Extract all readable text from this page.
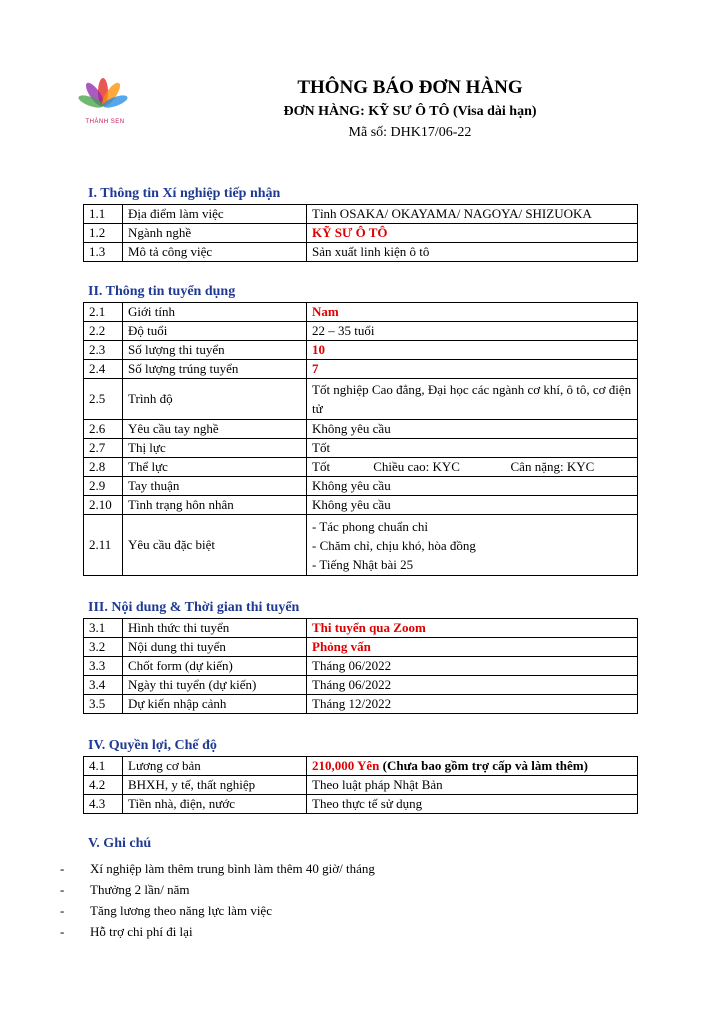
THÀNH SEN
THÔNG BÁO ĐƠN HÀNG
ĐƠN HÀNG: KỸ SƯ Ô TÔ (Visa dài hạn)
Mã số: DHK17/06-22
I. Thông tin Xí nghiệp tiếp nhận
1.1	Địa điểm làm việc	Tỉnh OSAKA/ OKAYAMA/ NAGOYA/ SHIZUOKA
1.2	Ngành nghề	KỸ SƯ Ô TÔ
1.3	Mô tả công việc	Sản xuất linh kiện ô tô
II. Thông tin tuyển dụng
2.1	Giới tính	Nam
2.2	Độ tuổi	22 – 35 tuổi
2.3	Số lượng thi tuyển	10
2.4	Số lượng trúng tuyển	7
2.5	Trình độ	Tốt nghiệp Cao đẳng, Đại học các ngành cơ khí, ô tô, cơ điện tử
2.6	Yêu cầu tay nghề	Không yêu cầu
2.7	Thị lực	Tốt
2.8	Thể lực	Tốt Chiều cao: KYC Cân nặng: KYC
2.9	Tay thuận	Không yêu cầu
2.10	Tình trạng hôn nhân	Không yêu cầu
2.11	Yêu cầu đặc biệt	- Tác phong chuẩn chỉ
- Chăm chỉ, chịu khó, hòa đồng
- Tiếng Nhật bài 25
III. Nội dung & Thời gian thi tuyển
3.1	Hình thức thi tuyển	Thi tuyển qua Zoom
3.2	Nội dung thi tuyển	Phỏng vấn
3.3	Chốt form (dự kiến)	Tháng 06/2022
3.4	Ngày thi tuyển (dự kiến)	Tháng 06/2022
3.5	Dự kiến nhập cảnh	Tháng 12/2022
IV. Quyền lợi, Chế độ
4.1	Lương cơ bản	210,000 Yên (Chưa bao gồm trợ cấp và làm thêm)
4.2	BHXH, y tế, thất nghiệp	Theo luật pháp Nhật Bản
4.3	Tiền nhà, điện, nước	Theo thực tế sử dụng
V. Ghi chú
- Xí nghiệp làm thêm trung bình làm thêm 40 giờ/ tháng
- Thưởng 2 lần/ năm
- Tăng lương theo năng lực làm việc
- Hỗ trợ chi phí đi lại
